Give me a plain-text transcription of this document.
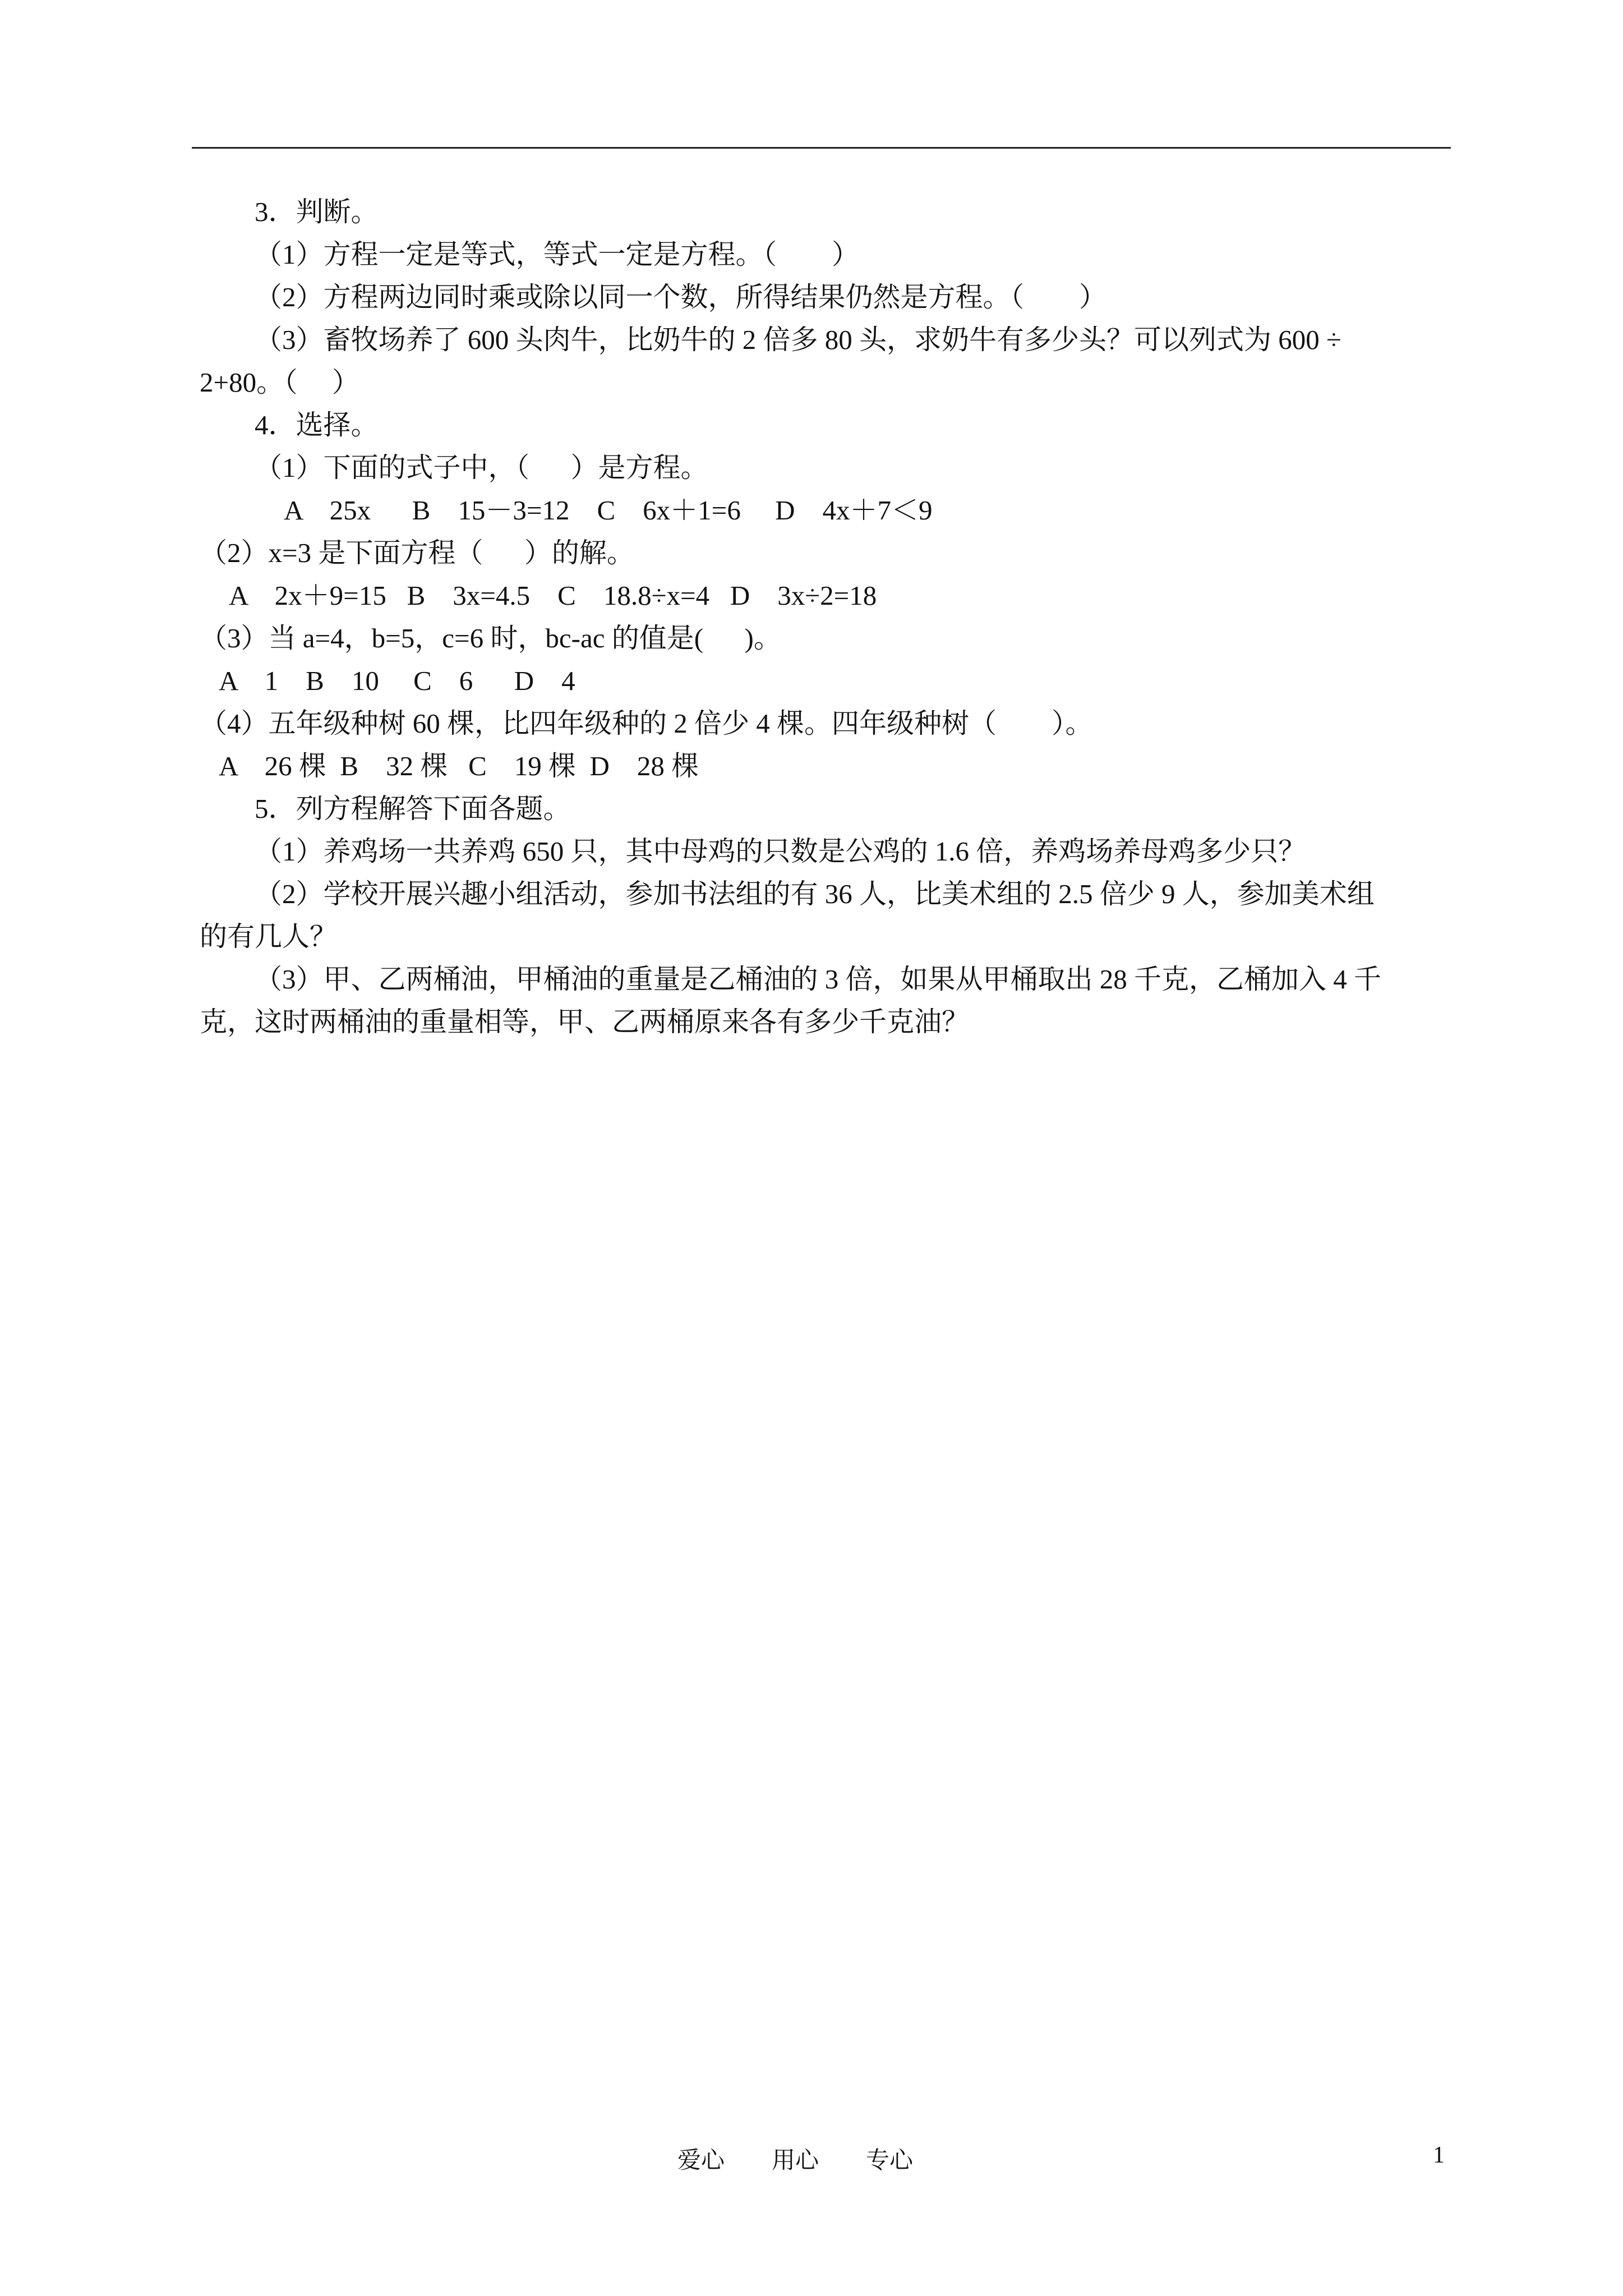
3．判断。
（1）方程一定是等式，等式一定是方程。（        ）
（2）方程两边同时乘或除以同一个数，所得结果仍然是方程。（        ）
（3）畜牧场养了 600 头肉牛，比奶牛的 2 倍多 80 头，求奶牛有多少头？可以列式为 600 ÷
2+80。（     ）
4．选择。
（1）下面的式子中，（      ）是方程。
A    25x      B    15－3=12    C    6x＋1=6     D    4x＋7＜9
（2）x=3 是下面方程（      ）的解。
A    2x＋9=15   B    3x=4.5    C    18.8÷x=4   D    3x÷2=18
（3）当 a=4，b=5，c=6 时，bc-ac 的值是(      )。
A    1    B    10     C    6      D    4
（4）五年级种树 60 棵，比四年级种的 2 倍少 4 棵。四年级种树（        ）。
A    26 棵  B    32 棵   C    19 棵  D    28 棵
5．列方程解答下面各题。
（1）养鸡场一共养鸡 650 只，其中母鸡的只数是公鸡的 1.6 倍，养鸡场养母鸡多少只？
（2）学校开展兴趣小组活动，参加书法组的有 36 人，比美术组的 2.5 倍少 9 人，参加美术组
的有几人？
（3）甲、乙两桶油，甲桶油的重量是乙桶油的 3 倍，如果从甲桶取出 28 千克，乙桶加入 4 千
克，这时两桶油的重量相等，甲、乙两桶原来各有多少千克油？
爱心        用心        专心	1
